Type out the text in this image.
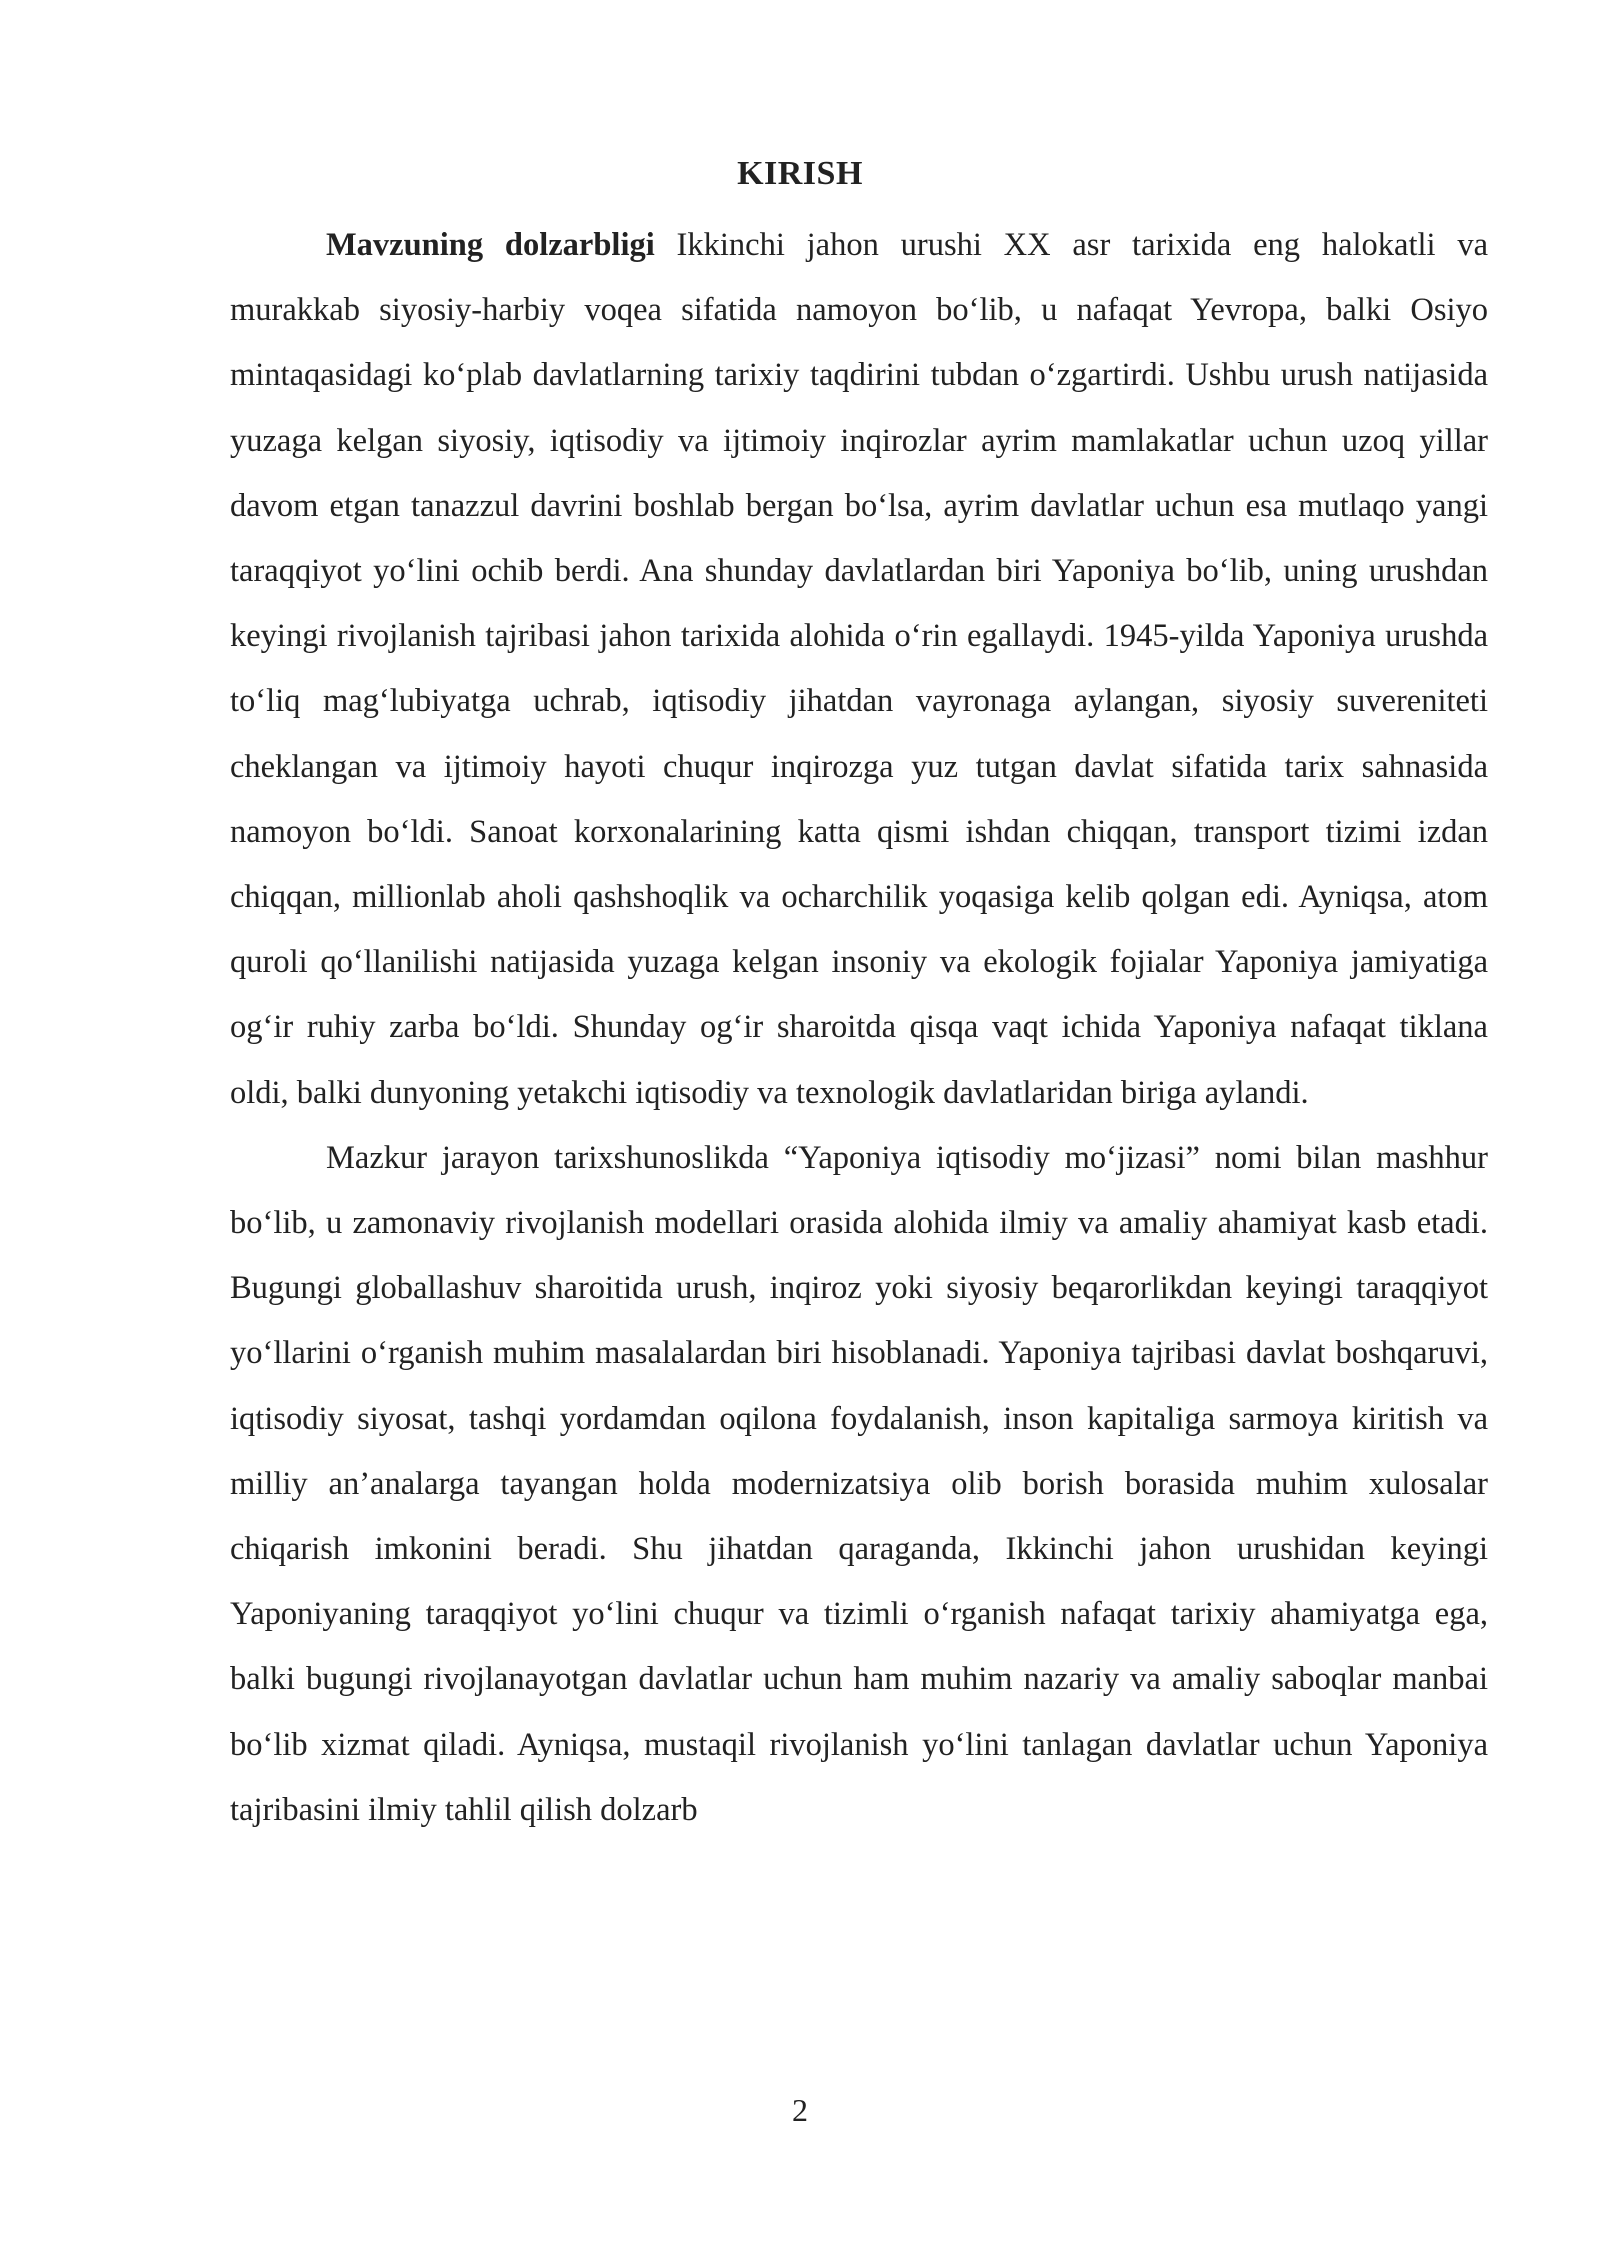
KIRISH

Mavzuning dolzarbligi Ikkinchi jahon urushi XX asr tarixida eng halokatli va murakkab siyosiy-harbiy voqea sifatida namoyon bo‘lib, u nafaqat Yevropa, balki Osiyo mintaqasidagi ko‘plab davlatlarning tarixiy taqdirini tubdan o‘zgartirdi. Ushbu urush natijasida yuzaga kelgan siyosiy, iqtisodiy va ijtimoiy inqirozlar ayrim mamlakatlar uchun uzoq yillar davom etgan tanazzul davrini boshlab bergan bo‘lsa, ayrim davlatlar uchun esa mutlaqo yangi taraqqiyot yo‘lini ochib berdi. Ana shunday davlatlardan biri Yaponiya bo‘lib, uning urushdan keyingi rivojlanish tajribasi jahon tarixida alohida o‘rin egallaydi. 1945-yilda Yaponiya urushda to‘liq mag‘lubiyatga uchrab, iqtisodiy jihatdan vayronaga aylangan, siyosiy suvereniteti cheklangan va ijtimoiy hayoti chuqur inqirozga yuz tutgan davlat sifatida tarix sahnasida namoyon bo‘ldi. Sanoat korxonalarining katta qismi ishdan chiqqan, transport tizimi izdan chiqqan, millionlab aholi qashshoqlik va ocharchilik yoqasiga kelib qolgan edi. Ayniqsa, atom quroli qo‘llanilishi natijasida yuzaga kelgan insoniy va ekologik fojialar Yaponiya jamiyatiga og‘ir ruhiy zarba bo‘ldi. Shunday og‘ir sharoitda qisqa vaqt ichida Yaponiya nafaqat tiklana oldi, balki dunyoning yetakchi iqtisodiy va texnologik davlatlaridan biriga aylandi.

Mazkur jarayon tarixshunoslikda “Yaponiya iqtisodiy mo‘jizasi” nomi bilan mashhur bo‘lib, u zamonaviy rivojlanish modellari orasida alohida ilmiy va amaliy ahamiyat kasb etadi. Bugungi globallashuv sharoitida urush, inqiroz yoki siyosiy beqarorlikdan keyingi taraqqiyot yo‘llarini o‘rganish muhim masalalardan biri hisoblanadi. Yaponiya tajribasi davlat boshqaruvi, iqtisodiy siyosat, tashqi yordamdan oqilona foydalanish, inson kapitaliga sarmoya kiritish va milliy an’analarga tayangan holda modernizatsiya olib borish borasida muhim xulosalar chiqarish imkonini beradi. Shu jihatdan qaraganda, Ikkinchi jahon urushidan keyingi Yaponiyaning taraqqiyot yo‘lini chuqur va tizimli o‘rganish nafaqat tarixiy ahamiyatga ega, balki bugungi rivojlanayotgan davlatlar uchun ham muhim nazariy va amaliy saboqlar manbai bo‘lib xizmat qiladi. Ayniqsa, mustaqil rivojlanish yo‘lini tanlagan davlatlar uchun Yaponiya tajribasini ilmiy tahlil qilish dolzarb

2
